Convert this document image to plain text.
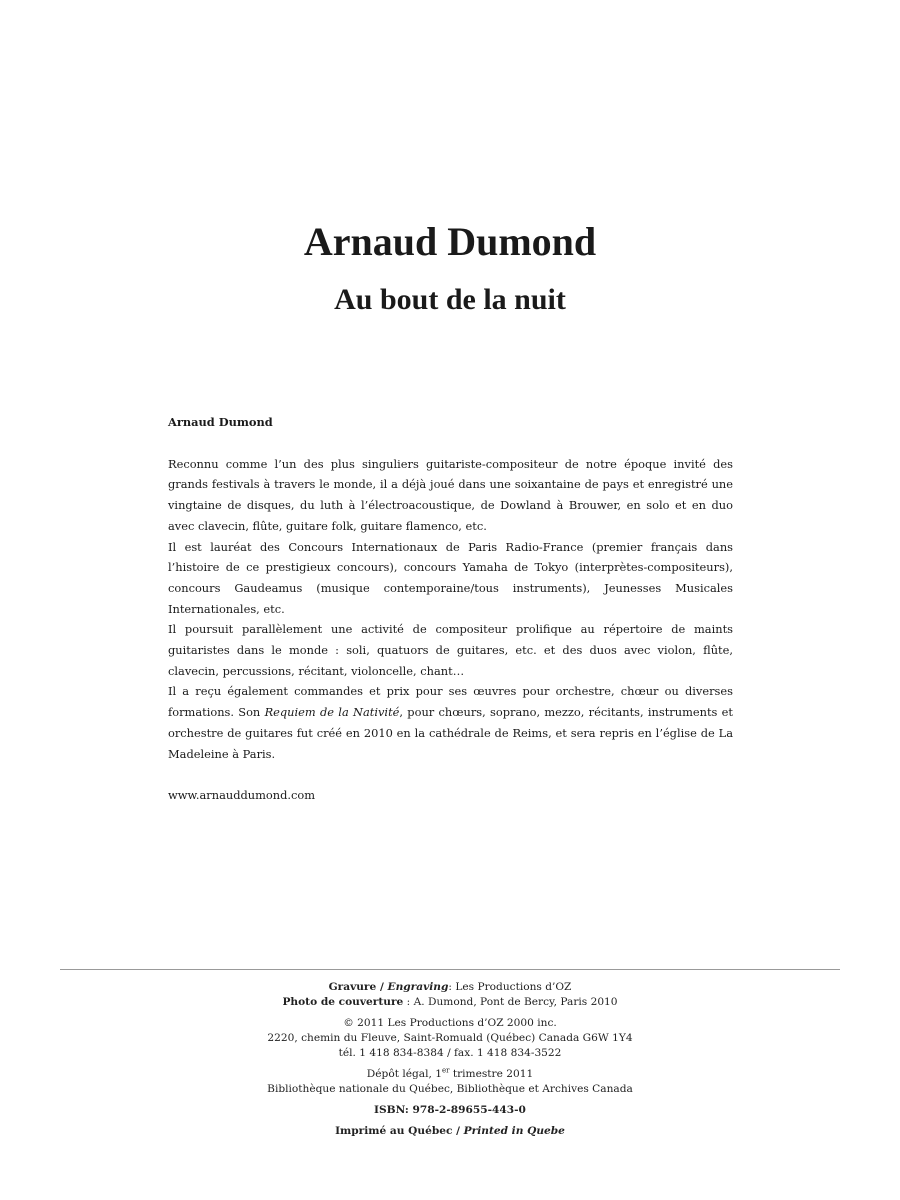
Arnaud Dumond
Au bout de la nuit
Arnaud Dumond

Reconnu comme l’un des plus singuliers guitariste-compositeur de notre époque invité des grands festivals à travers le monde, il a déjà joué dans une soixantaine de pays et enregistré une vingtaine de disques, du luth à l’électroacoustique, de Dowland à Brouwer, en solo et en duo avec clavecin, flûte, guitare folk, guitare flamenco, etc.

Il est lauréat des Concours Internationaux de Paris Radio-France (premier français dans l’histoire de ce prestigieux concours), concours Yamaha de Tokyo (interprètes-compositeurs), concours Gaudeamus (musique contemporaine/tous instruments), Jeunesses Musicales Internationales, etc.

Il poursuit parallèlement une activité de compositeur prolifique au répertoire de maints guitaristes dans le monde : soli, quatuors de guitares, etc. et des duos avec violon, flûte, clavecin, percussions, récitant, violoncelle, chant…

Il a reçu également commandes et prix pour ses œuvres pour orchestre, chœur ou diverses formations. Son Requiem de la Nativité, pour chœurs, soprano, mezzo, récitants, instruments et orchestre de guitares fut créé en 2010 en la cathédrale de Reims, et sera repris en l’église de La Madeleine à Paris.

www.arnauddumond.com

Gravure / Engraving: Les Productions d’OZ

Photo de couverture : A. Dumond, Pont de Bercy, Paris 2010

© 2011 Les Productions d’OZ 2000 inc.

2220, chemin du Fleuve, Saint-Romuald (Québec) Canada G6W 1Y4

tél. 1 418 834-8384 / fax. 1 418 834-3522

Dépôt légal, 1er trimestre 2011

Bibliothèque nationale du Québec, Bibliothèque et Archives Canada

ISBN: 978-2-89655-443-0

Imprimé au Québec / Printed in Quebe
